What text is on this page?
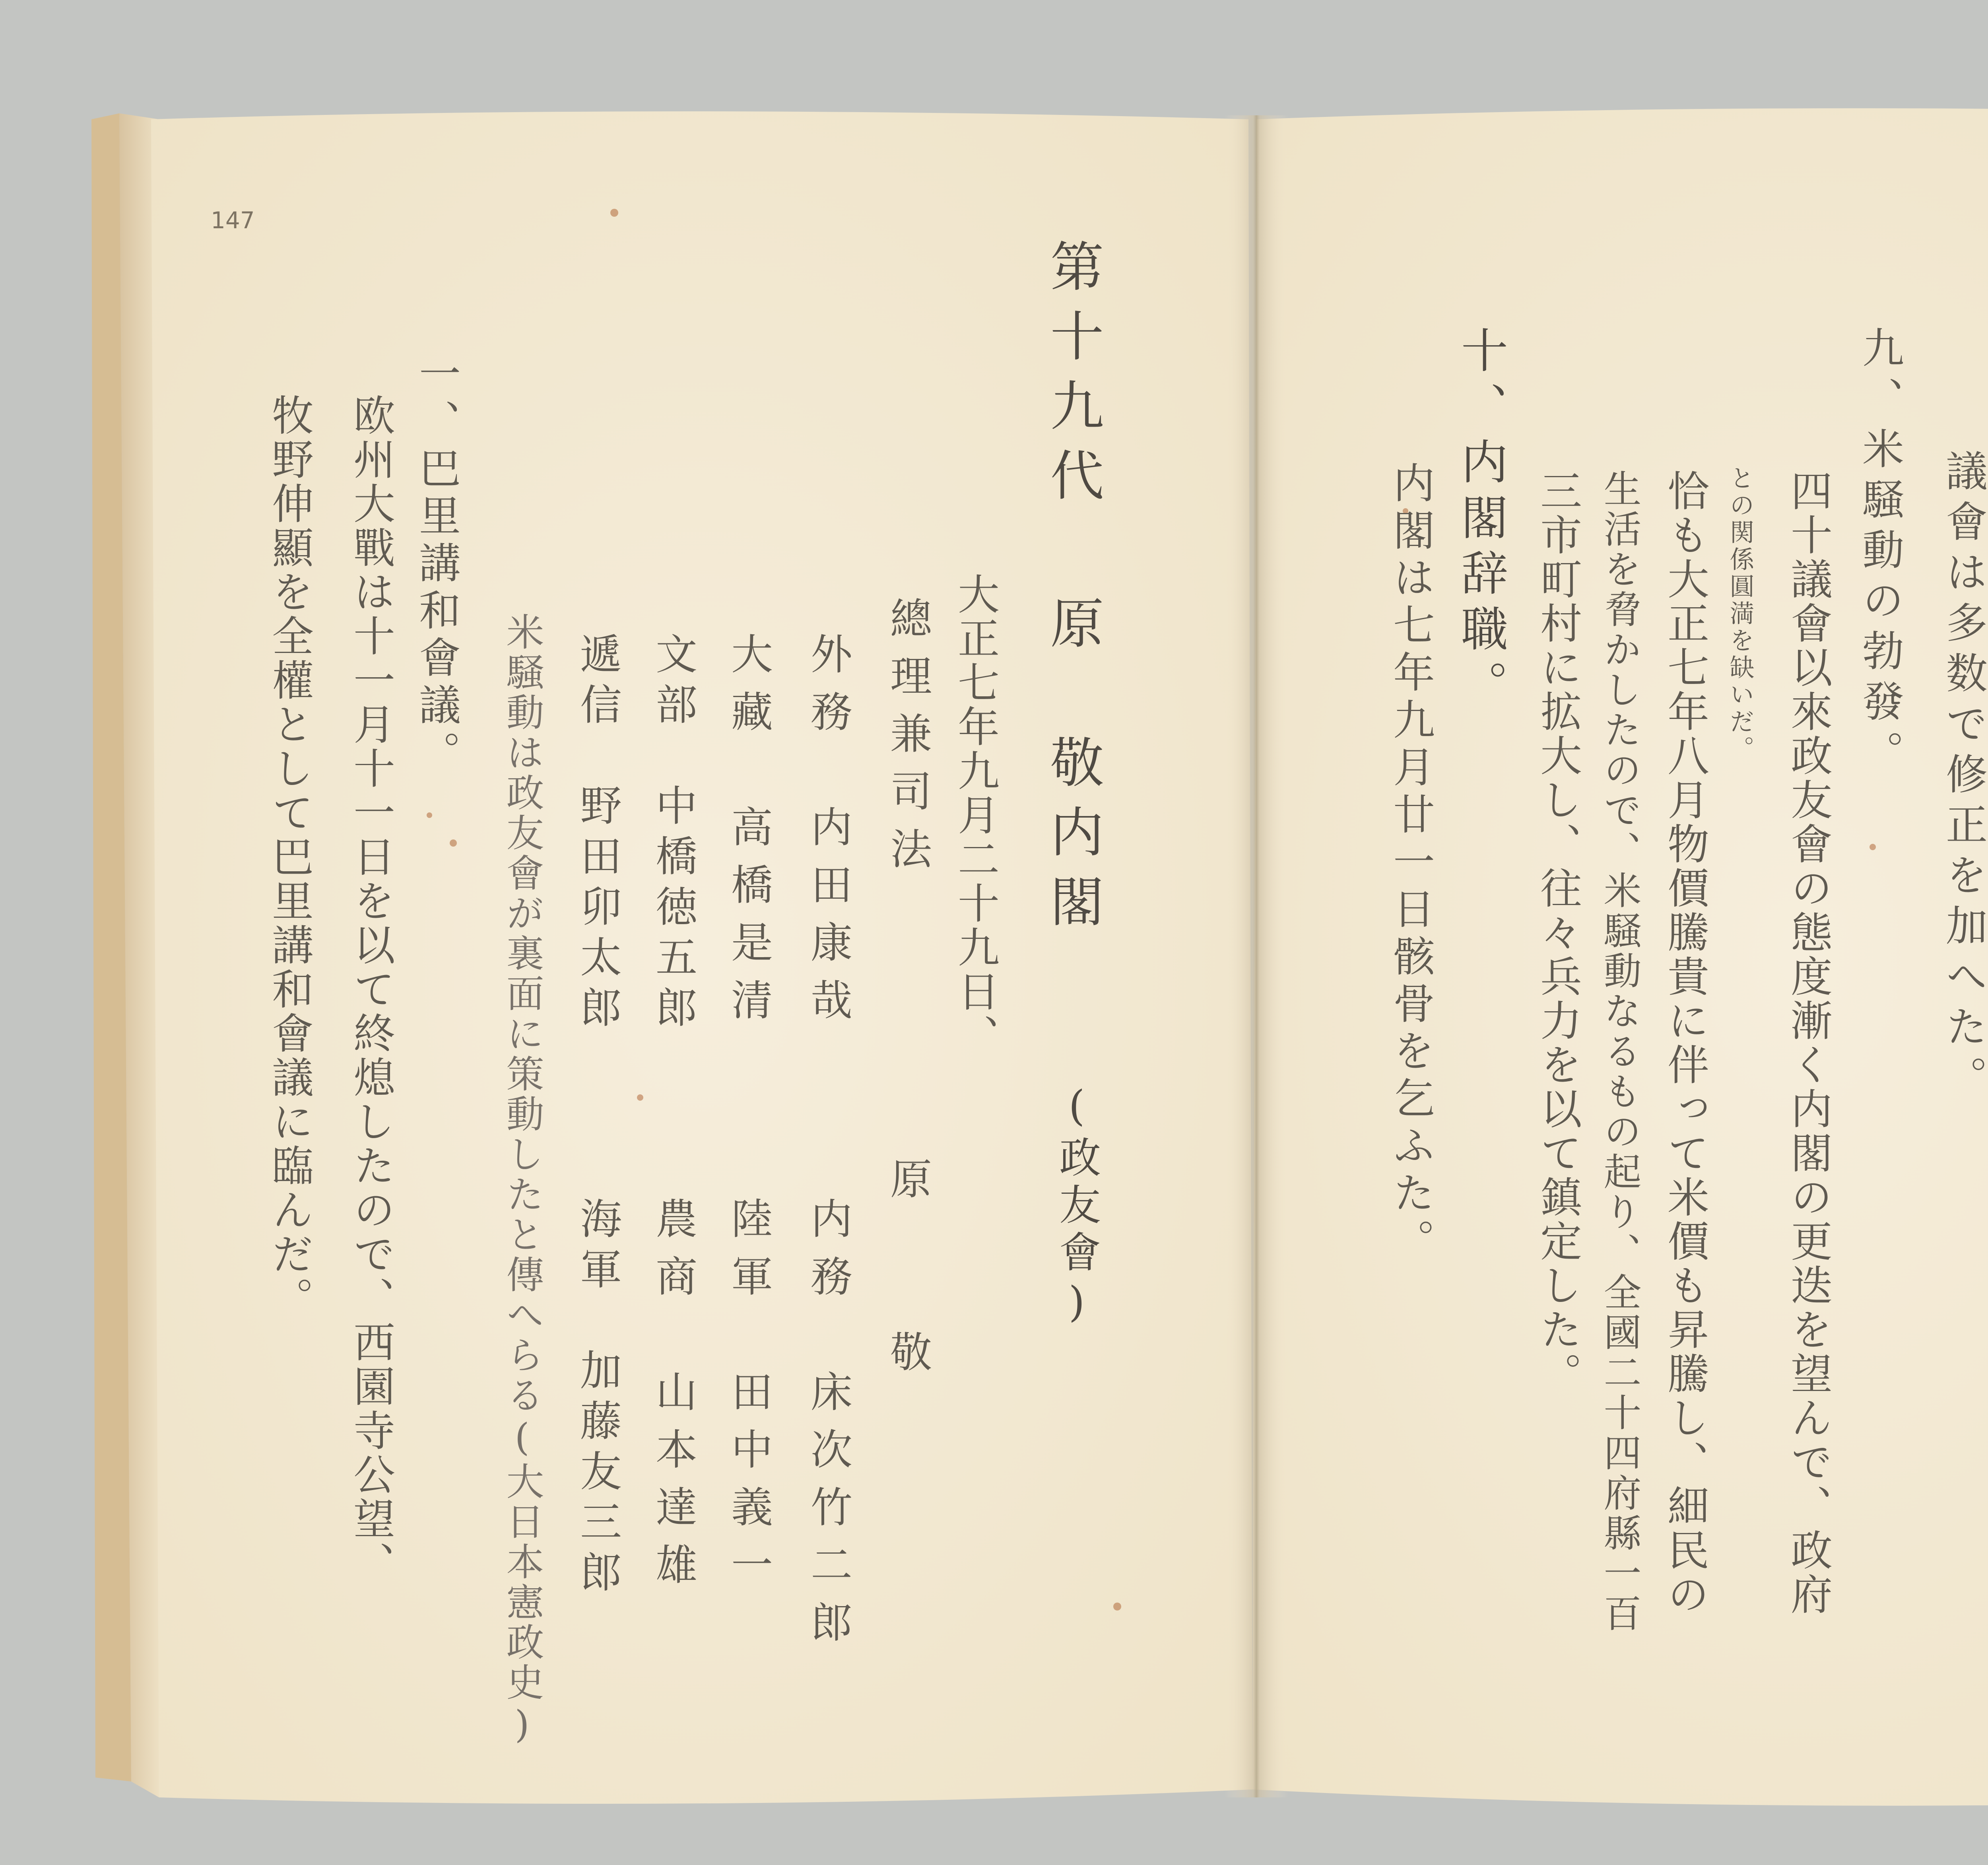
147
第十九代 原　敬内閣
(政友會)
大正七年九月二十九日、
總理兼司法
原　　敬
外務　内田康哉
内務　床次竹二郎
大藏　高橋是清
陸軍　田中義一
文部　中橋徳五郎
農商　山本達雄
遞信　野田卯太郎
海軍　加藤友三郎
米騒動は政友會が裏面に策動したと傳へらる(大日本憲政史)
一、巴里講和會議。
欧州大戰は十一月十一日を以て終熄したので、西園寺公望、
牧野伸顯を全權として巴里講和會議に臨んだ。	議會は多数で修正を加へた。
九、米騒動の勃發。
四十議會以來政友會の態度漸く内閣の更迭を望んで、政府
との関係圓満を缺いだ。
恰も大正七年八月物價騰貴に伴って米價も昇騰し、細民の
生活を脅かしたので、米騒動なるもの起り、全國二十四府縣一百
三市町村に拡大し、往々兵力を以て鎮定した。
十、内閣辞職。
内閣は七年九月廿一日骸骨を乞ふた。
